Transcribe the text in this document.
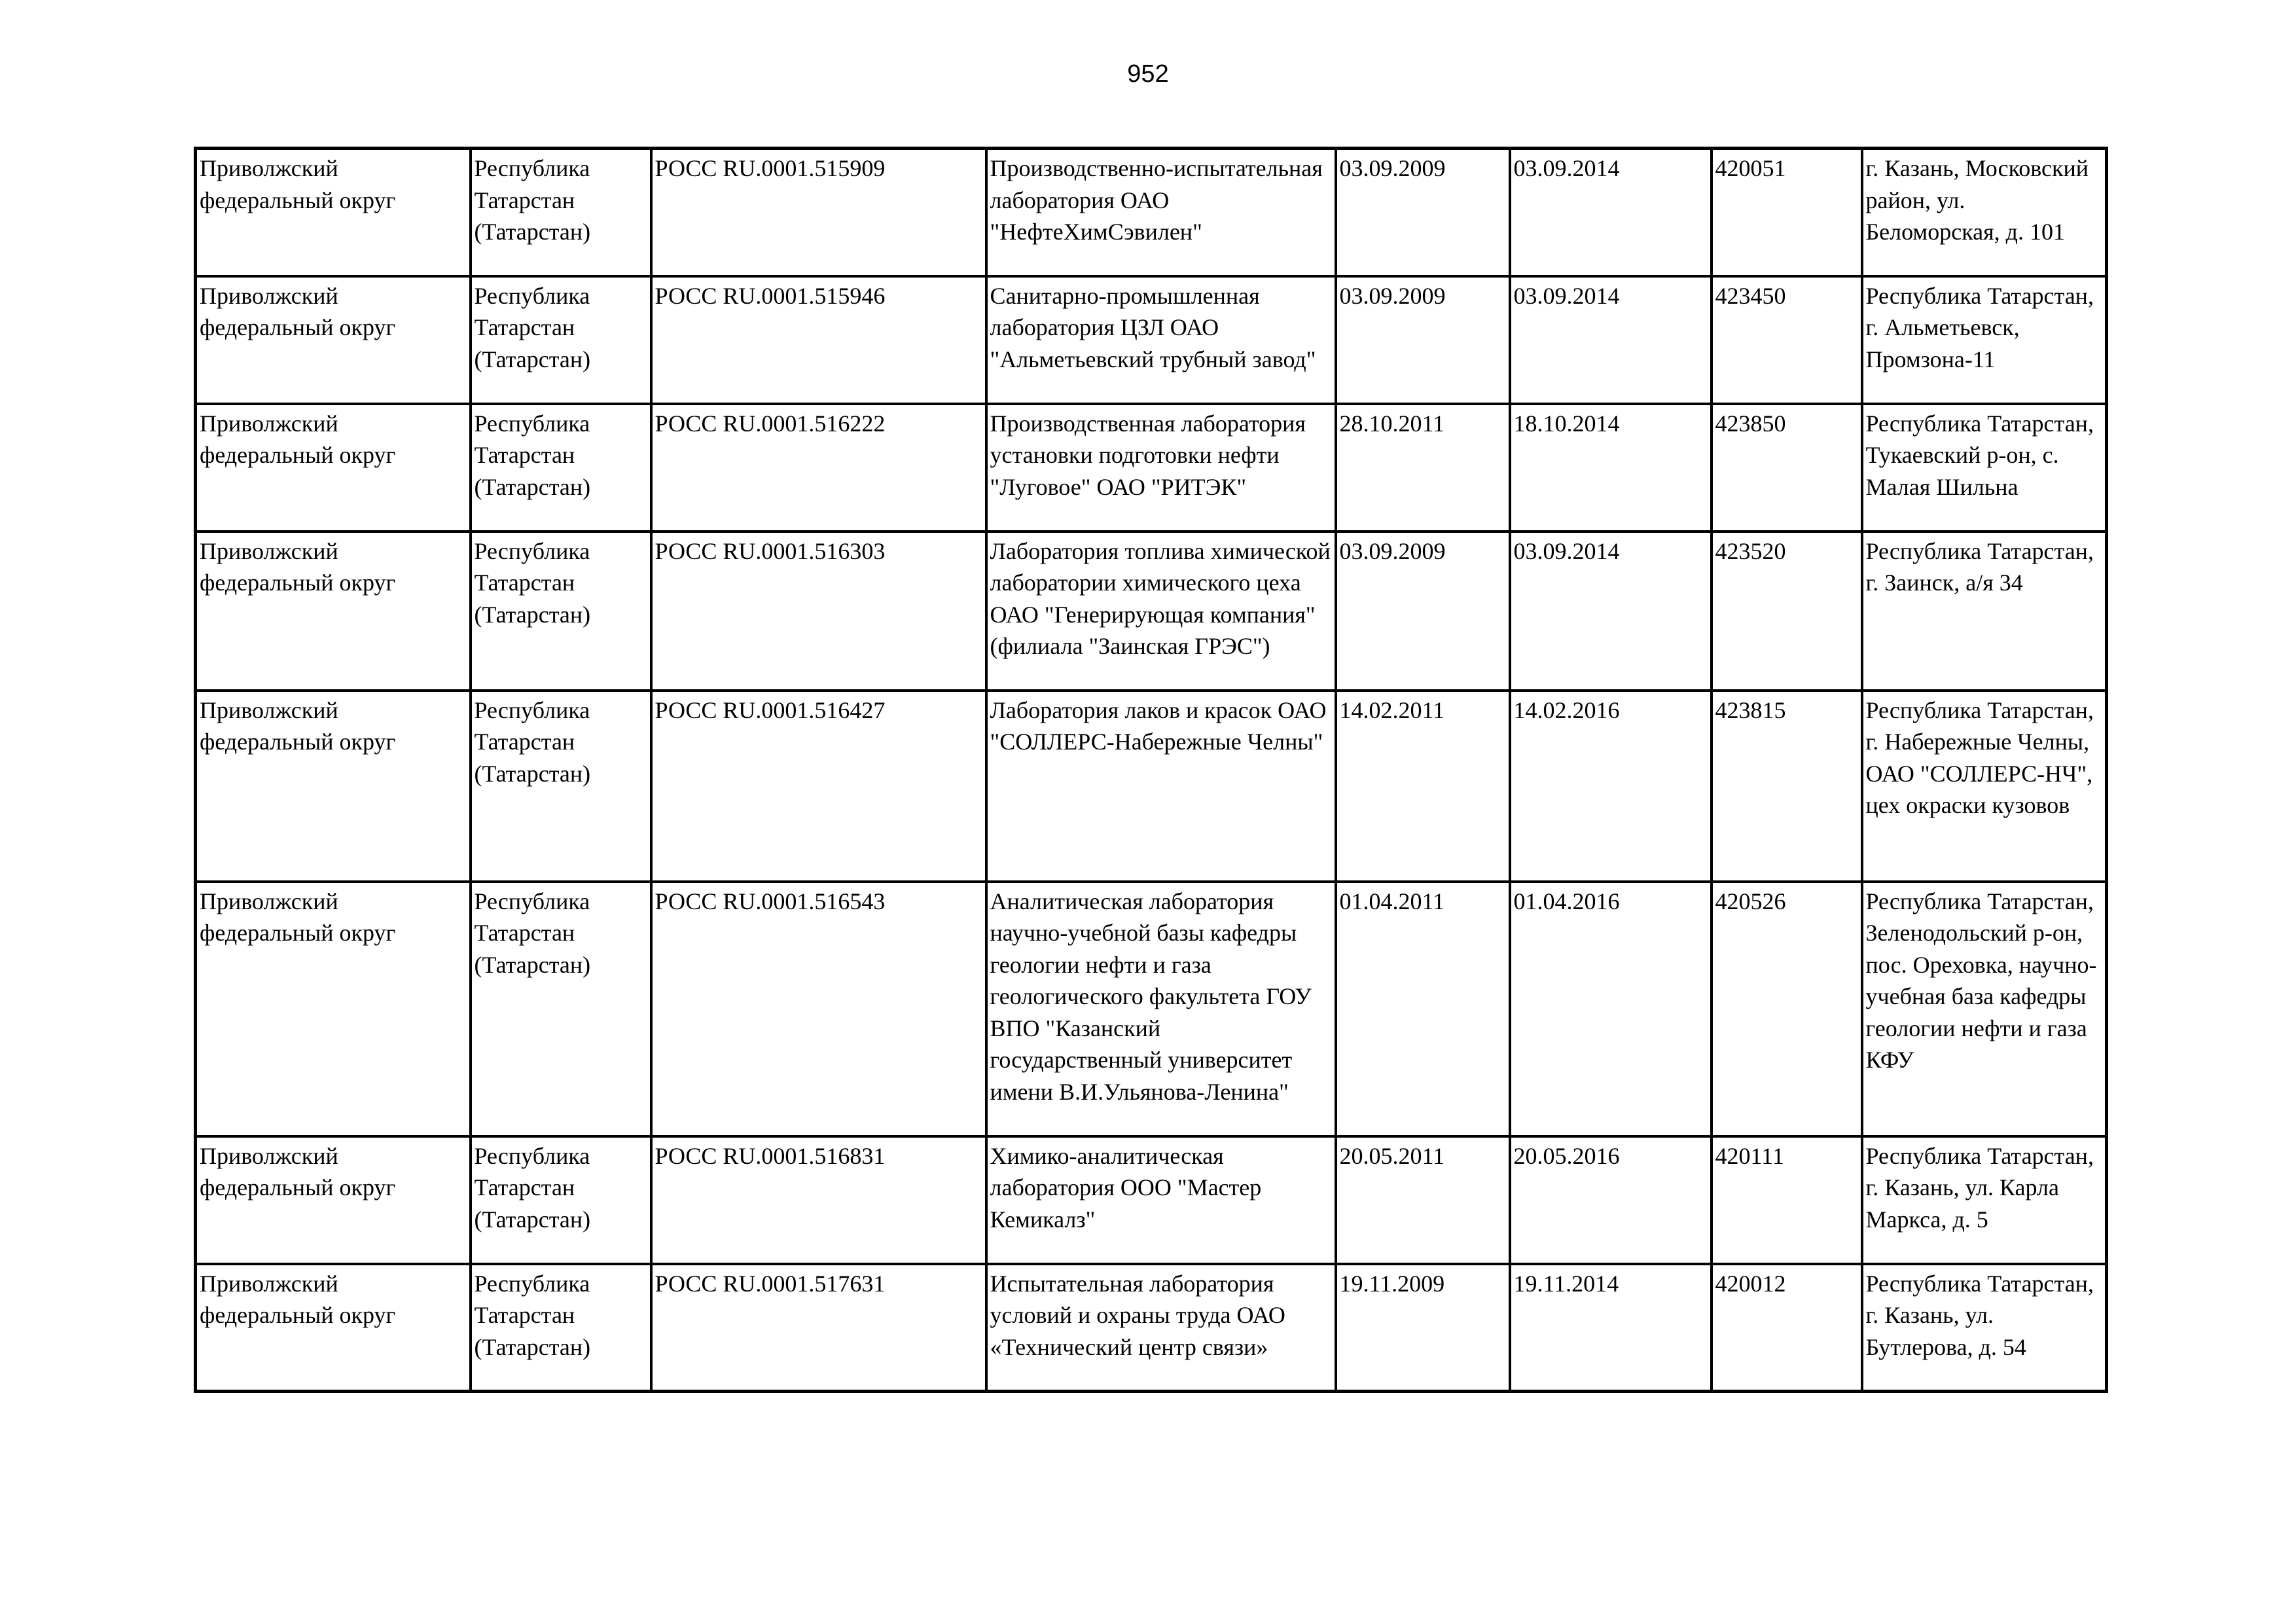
952
Приволжский федеральный округ	Республика Татарстан (Татарстан)	РОСС RU.0001.515909	Производственно-испытательная лаборатория ОАО "НефтеХимСэвилен"	03.09.2009	03.09.2014	420051	г. Казань, Московский район, ул. Беломорская, д. 101
Приволжский федеральный округ	Республика Татарстан (Татарстан)	РОСС RU.0001.515946	Санитарно-промышленная лаборатория ЦЗЛ ОАО "Альметьевский трубный завод"	03.09.2009	03.09.2014	423450	Республика Татарстан, г. Альметьевск, Промзона-11
Приволжский федеральный округ	Республика Татарстан (Татарстан)	РОСС RU.0001.516222	Производственная лаборатория установки подготовки нефти "Луговое" ОАО "РИТЭК"	28.10.2011	18.10.2014	423850	Республика Татарстан, Тукаевский р-он, с. Малая Шильна
Приволжский федеральный округ	Республика Татарстан (Татарстан)	РОСС RU.0001.516303	Лаборатория топлива химической лаборатории химического цеха ОАО "Генерирующая компания" (филиала "Заинская ГРЭС")	03.09.2009	03.09.2014	423520	Республика Татарстан, г. Заинск, а/я 34
Приволжский федеральный округ	Республика Татарстан (Татарстан)	РОСС RU.0001.516427	Лаборатория лаков и красок ОАО "СОЛЛЕРС-Набережные Челны"	14.02.2011	14.02.2016	423815	Республика Татарстан, г. Набережные Челны, ОАО "СОЛЛЕРС-НЧ", цех окраски кузовов
Приволжский федеральный округ	Республика Татарстан (Татарстан)	РОСС RU.0001.516543	Аналитическая лаборатория научно-учебной базы кафедры геологии нефти и газа геологического факультета ГОУ ВПО "Казанский государственный университет имени В.И.Ульянова-Ленина"	01.04.2011	01.04.2016	420526	Республика Татарстан, Зеленодольский р-он, пос. Ореховка, научно-учебная база кафедры геологии нефти и газа КФУ
Приволжский федеральный округ	Республика Татарстан (Татарстан)	РОСС RU.0001.516831	Химико-аналитическая лаборатория ООО "Мастер Кемикалз"	20.05.2011	20.05.2016	420111	Республика Татарстан, г. Казань, ул. Карла Маркса, д. 5
Приволжский федеральный округ	Республика Татарстан (Татарстан)	РОСС RU.0001.517631	Испытательная лаборатория условий и охраны труда ОАО «Технический центр связи»	19.11.2009	19.11.2014	420012	Республика Татарстан, г. Казань, ул. Бутлерова, д. 54
